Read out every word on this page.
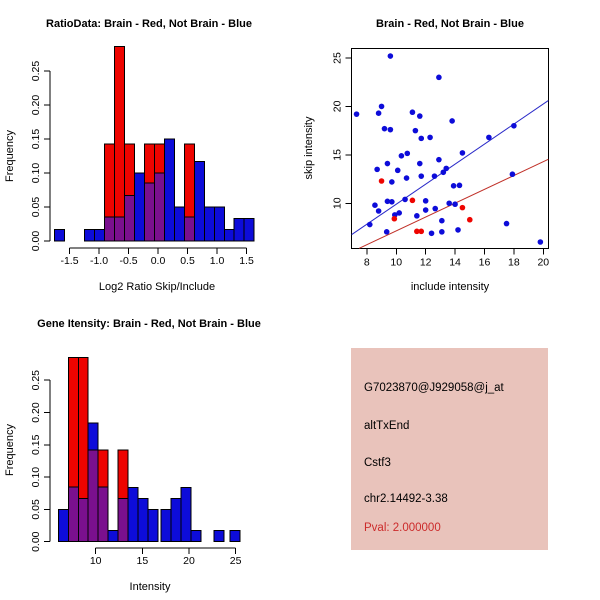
RatioData: Brain - Red, Not Brain - Blue
Log2 Ratio Skip/Include
Frequency
0.00
0.05
0.10
0.15
0.20
0.25
-1.5 -1.0 -0.5 0.0 0.5 1.0 1.5
Brain - Red, Not Brain - Blue
include intensity
skip intensity
8 10 12 14 16 18 20
10
15
20
25
Gene Itensity: Brain - Red, Not Brain - Blue
Intensity
Frequency
0.00
0.05
0.10
0.15
0.20
0.25
10	15	20	25
G7023870@J929058@j_at
altTxEnd
Cstf3
chr2.14492-3.38
Pval: 2.000000
